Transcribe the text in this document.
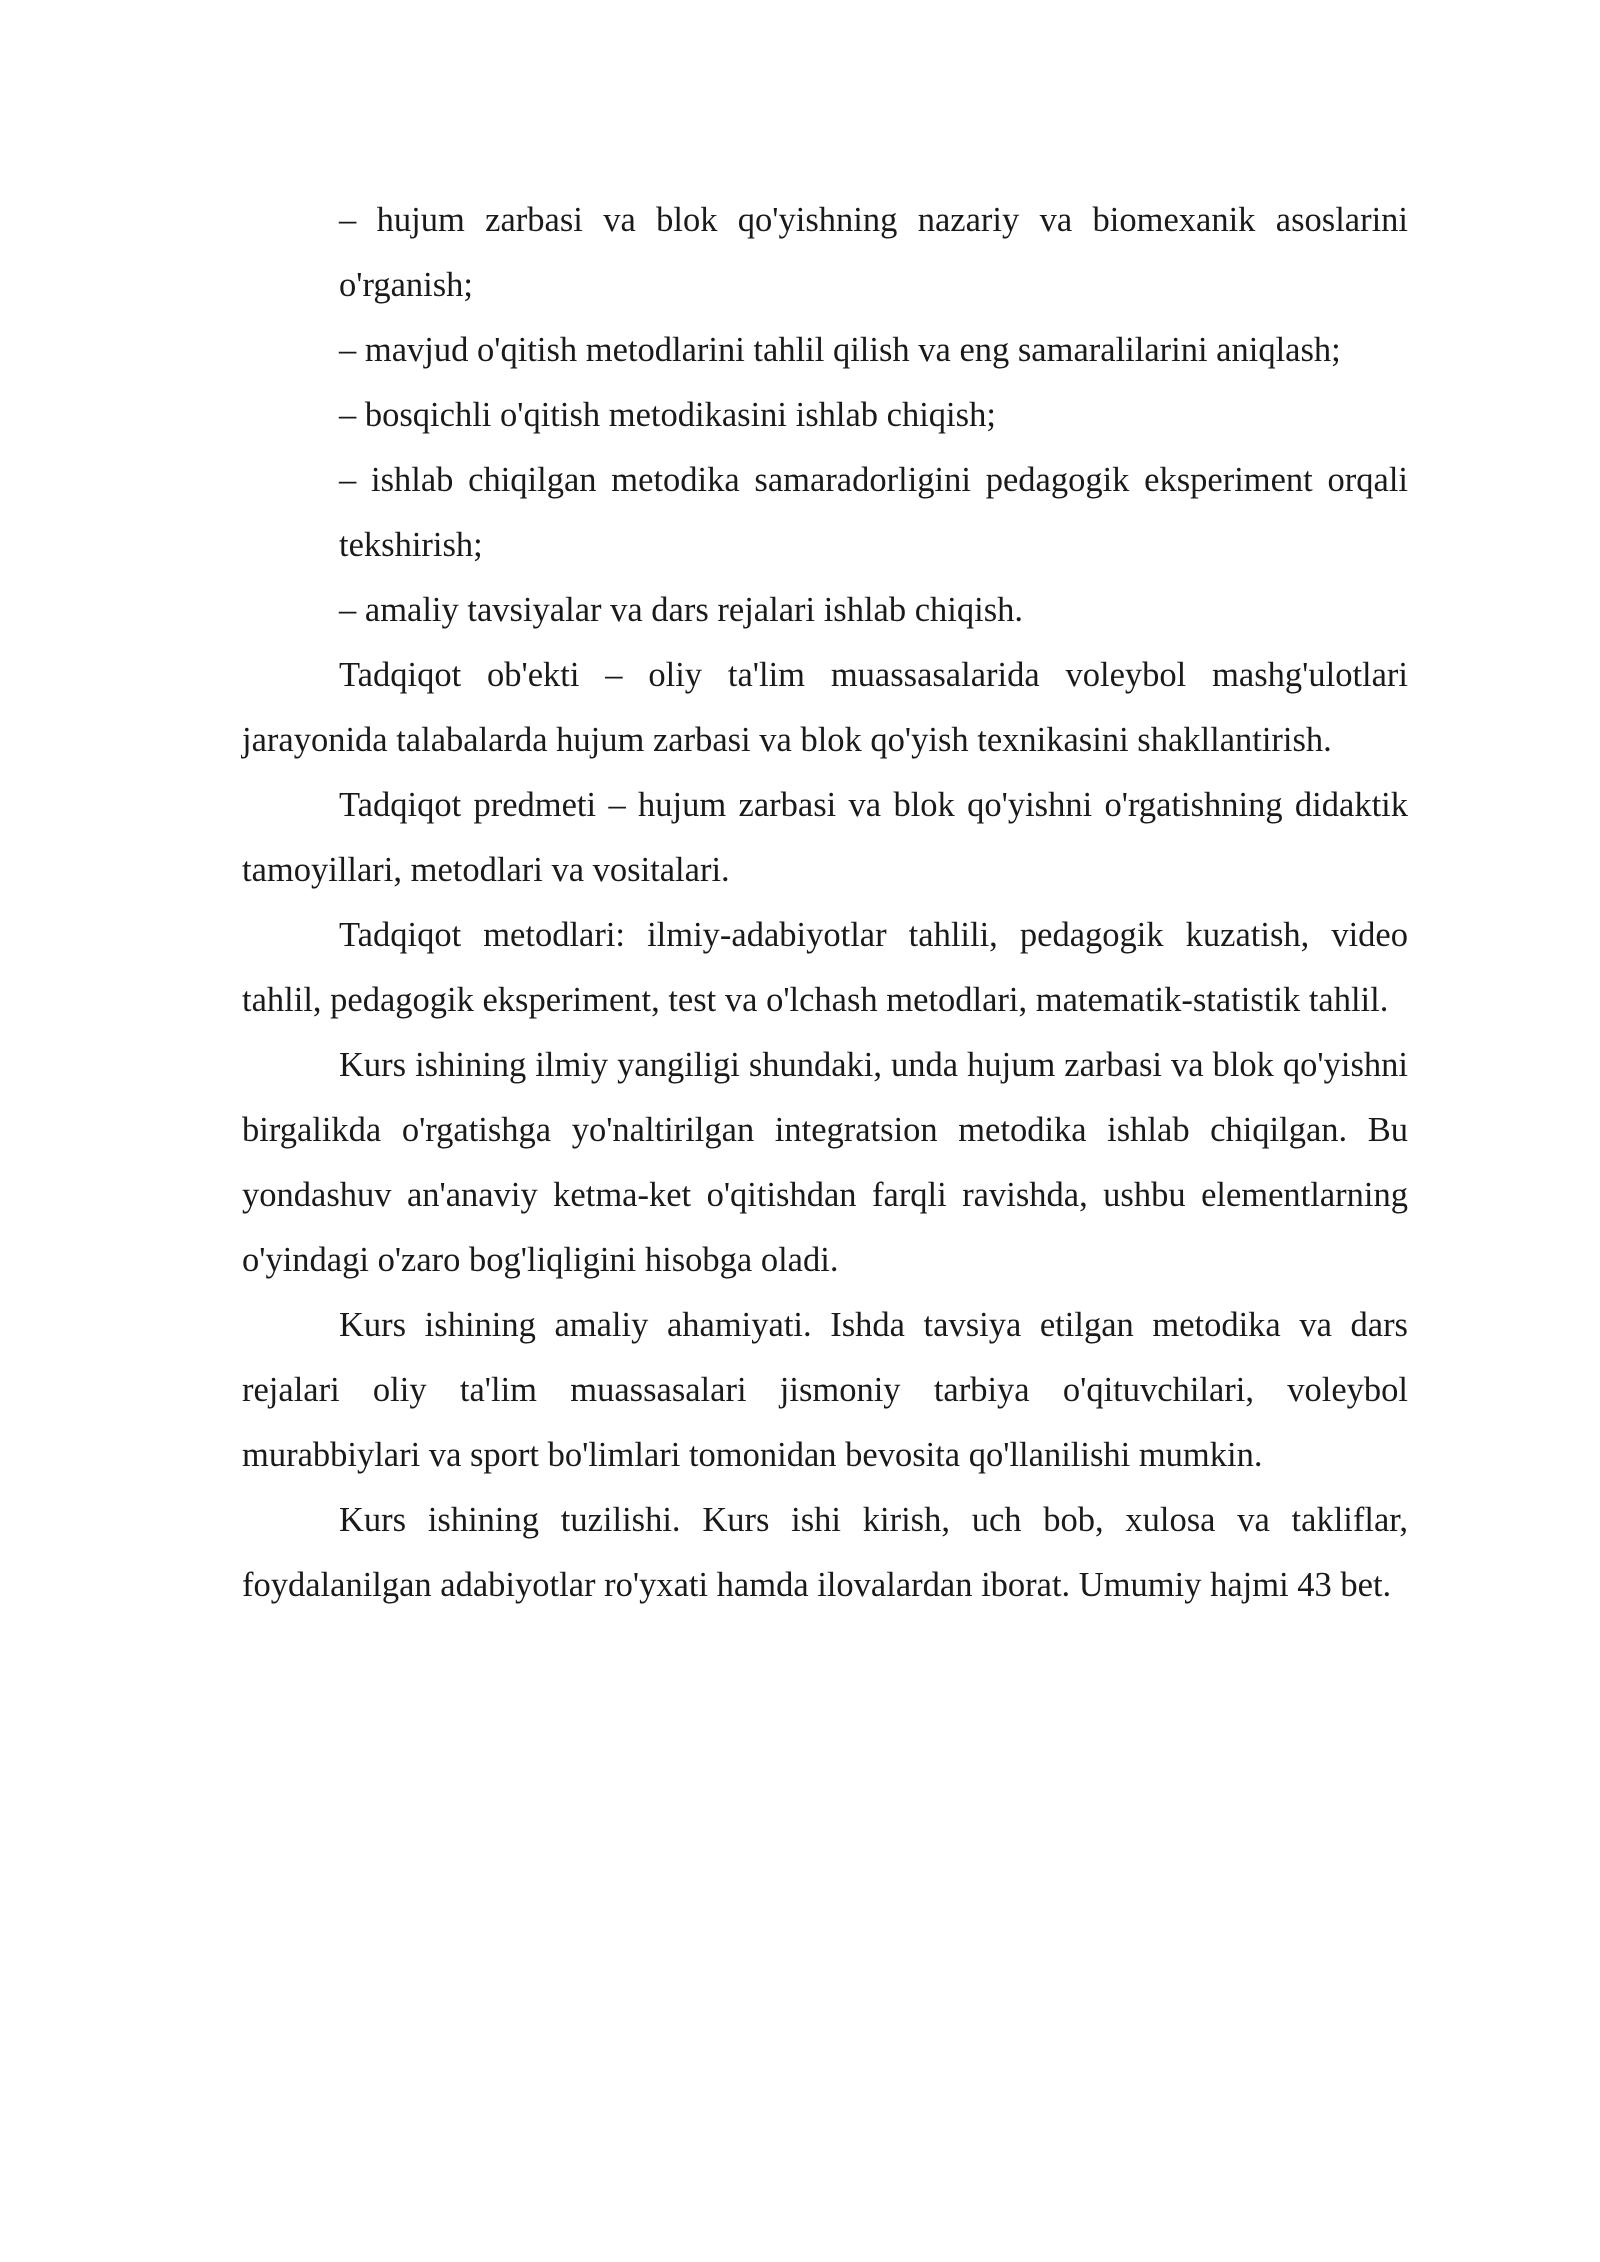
– hujum zarbasi va blok qo'yishning nazariy va biomexanik asoslarini o'rganish;
– mavjud o'qitish metodlarini tahlil qilish va eng samaralilarini aniqlash;
– bosqichli o'qitish metodikasini ishlab chiqish;
– ishlab chiqilgan metodika samaradorligini pedagogik eksperiment orqali tekshirish;
– amaliy tavsiyalar va dars rejalari ishlab chiqish.

Tadqiqot ob'ekti – oliy ta'lim muassasalarida voleybol mashg'ulotlari jarayonida talabalarda hujum zarbasi va blok qo'yish texnikasini shakllantirish.

Tadqiqot predmeti – hujum zarbasi va blok qo'yishni o'rgatishning didaktik tamoyillari, metodlari va vositalari.

Tadqiqot metodlari: ilmiy-adabiyotlar tahlili, pedagogik kuzatish, video tahlil, pedagogik eksperiment, test va o'lchash metodlari, matematik-statistik tahlil.

Kurs ishining ilmiy yangiligi shundaki, unda hujum zarbasi va blok qo'yishni birgalikda o'rgatishga yo'naltirilgan integratsion metodika ishlab chiqilgan. Bu yondashuv an'anaviy ketma-ket o'qitishdan farqli ravishda, ushbu elementlarning o'yindagi o'zaro bog'liqligini hisobga oladi.

Kurs ishining amaliy ahamiyati. Ishda tavsiya etilgan metodika va dars rejalari oliy ta'lim muassasalari jismoniy tarbiya o'qituvchilari, voleybol murabbiylari va sport bo'limlari tomonidan bevosita qo'llanilishi mumkin.

Kurs ishining tuzilishi. Kurs ishi kirish, uch bob, xulosa va takliflar, foydalanilgan adabiyotlar ro'yxati hamda ilovalardan iborat. Umumiy hajmi 43 bet.
